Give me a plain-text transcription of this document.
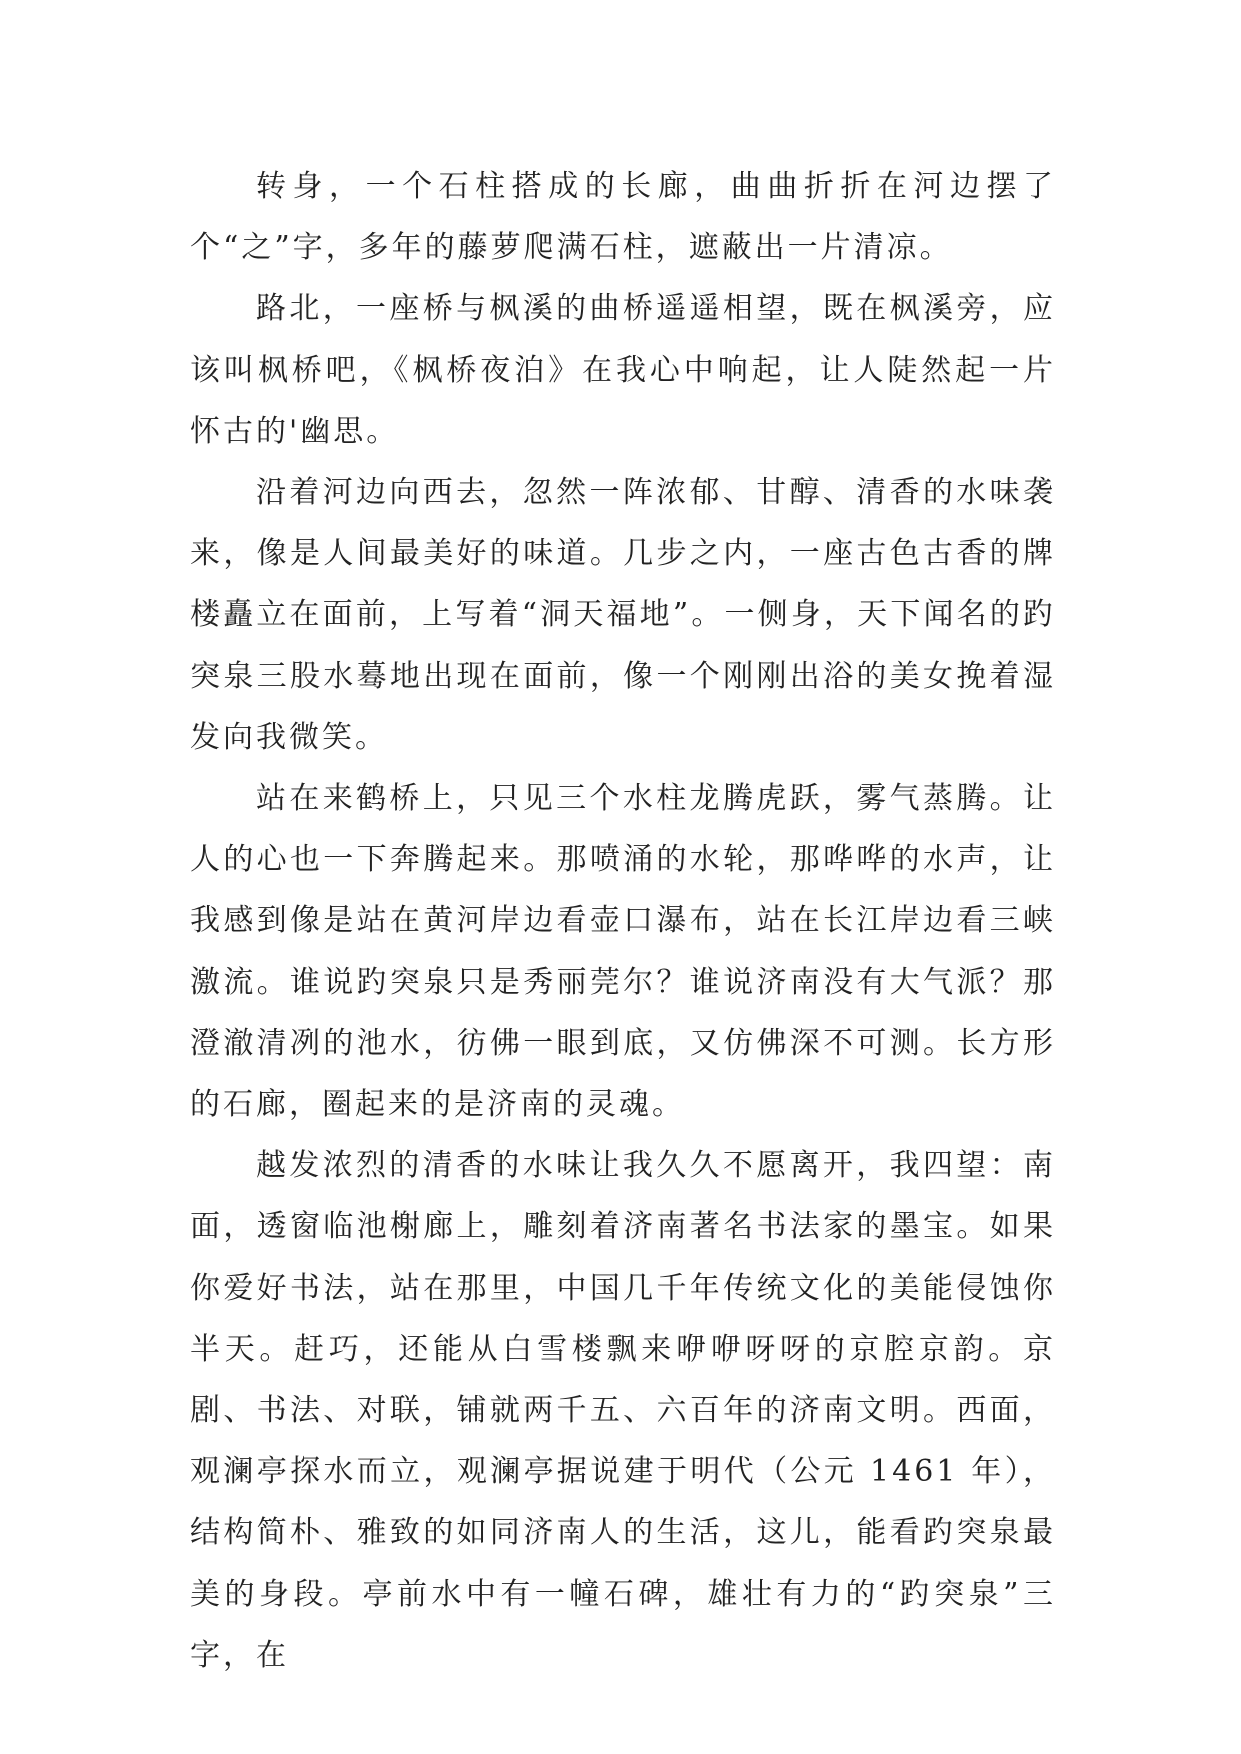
转身，一个石柱搭成的长廊，曲曲折折在河边摆了个“之”字，多年的藤萝爬满石柱，遮蔽出一片清凉。

路北，一座桥与枫溪的曲桥遥遥相望，既在枫溪旁，应该叫枫桥吧，《枫桥夜泊》在我心中响起，让人陡然起一片怀古的'幽思。

沿着河边向西去，忽然一阵浓郁、甘醇、清香的水味袭来，像是人间最美好的味道。几步之内，一座古色古香的牌楼矗立在面前，上写着“洞天福地”。一侧身，天下闻名的趵突泉三股水蓦地出现在面前，像一个刚刚出浴的美女挽着湿发向我微笑。

站在来鹤桥上，只见三个水柱龙腾虎跃，雾气蒸腾。让人的心也一下奔腾起来。那喷涌的水轮，那哗哗的水声，让我感到像是站在黄河岸边看壶口瀑布，站在长江岸边看三峡激流。谁说趵突泉只是秀丽莞尔？谁说济南没有大气派？那澄澈清冽的池水，彷佛一眼到底，又仿佛深不可测。长方形的石廊，圈起来的是济南的灵魂。

越发浓烈的清香的水味让我久久不愿离开，我四望：南面，透窗临池榭廊上，雕刻着济南著名书法家的墨宝。如果你爱好书法，站在那里，中国几千年传统文化的美能侵蚀你半天。赶巧，还能从白雪楼飘来咿咿呀呀的京腔京韵。京剧、书法、对联，铺就两千五、六百年的济南文明。西面，观澜亭探水而立，观澜亭据说建于明代（公元 1461 年），结构简朴、雅致的如同济南人的生活，这儿，能看趵突泉最美的身段。亭前水中有一幢石碑，雄壮有力的“趵突泉”三字，在
